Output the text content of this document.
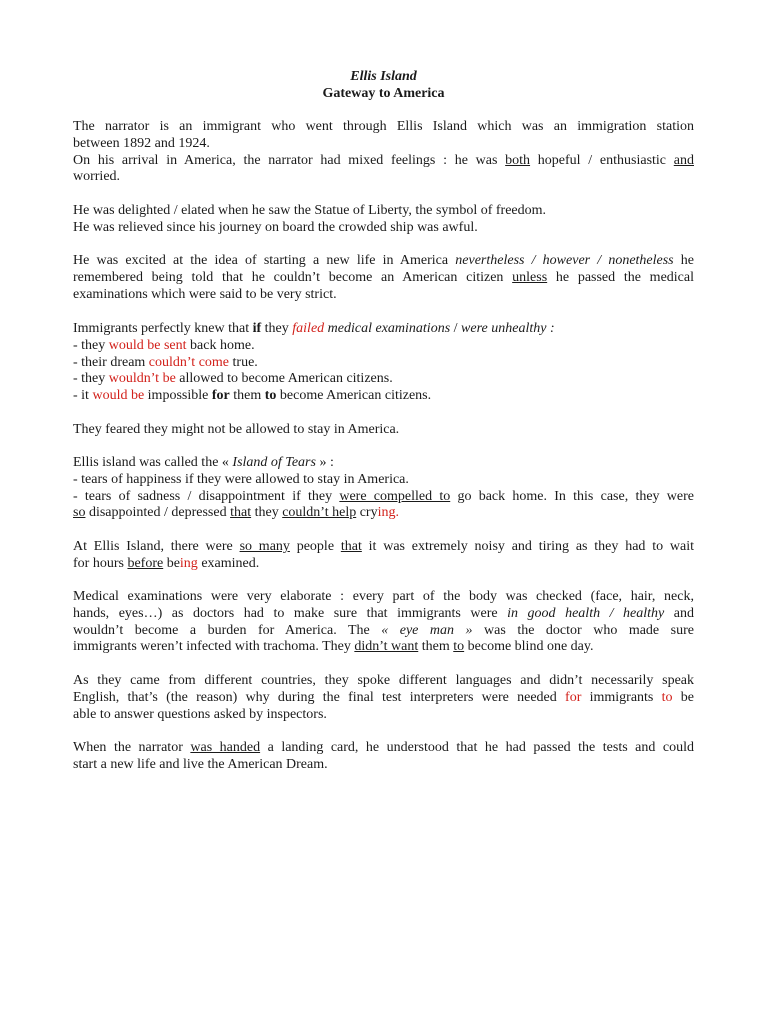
Ellis Island
Gateway to America
The narrator is an immigrant who went through Ellis Island which was an immigration station
between 1892 and 1924.
On his arrival in America, the narrator had mixed feelings : he was both hopeful / enthusiastic and
worried.
He was delighted / elated when he saw the Statue of Liberty, the symbol of freedom.
He was relieved since his journey on board the crowded ship was awful.
He was excited at the idea of starting a new life in America nevertheless / however / nonetheless he
remembered being told that he couldn’t become an American citizen unless he passed the medical
examinations which were said to be very strict.
Immigrants perfectly knew that if they failed medical examinations / were unhealthy :
- they would be sent back home.
- their dream couldn’t come true.
- they wouldn’t be allowed to become American citizens.
- it would be impossible for them to become American citizens.
They feared they might not be allowed to stay in America.
Ellis island was called the « Island of Tears » :
- tears of happiness if they were allowed to stay in America.
- tears of sadness / disappointment if they were compelled to go back home. In this case, they were
so disappointed / depressed that they couldn’t help crying.
At Ellis Island, there were so many people that it was extremely noisy and tiring as they had to wait
for hours before being examined.
Medical examinations were very elaborate : every part of the body was checked (face, hair, neck,
hands, eyes…) as doctors had to make sure that immigrants were in good health / healthy and
wouldn’t become a burden for America. The « eye man » was the doctor who made sure
immigrants weren’t infected with trachoma. They didn’t want them to become blind one day.
As they came from different countries, they spoke different languages and didn’t necessarily speak
English, that’s (the reason) why during the final test interpreters were needed for immigrants to be
able to answer questions asked by inspectors.
When the narrator was handed a landing card, he understood that he had passed the tests and could
start a new life and live the American Dream.
